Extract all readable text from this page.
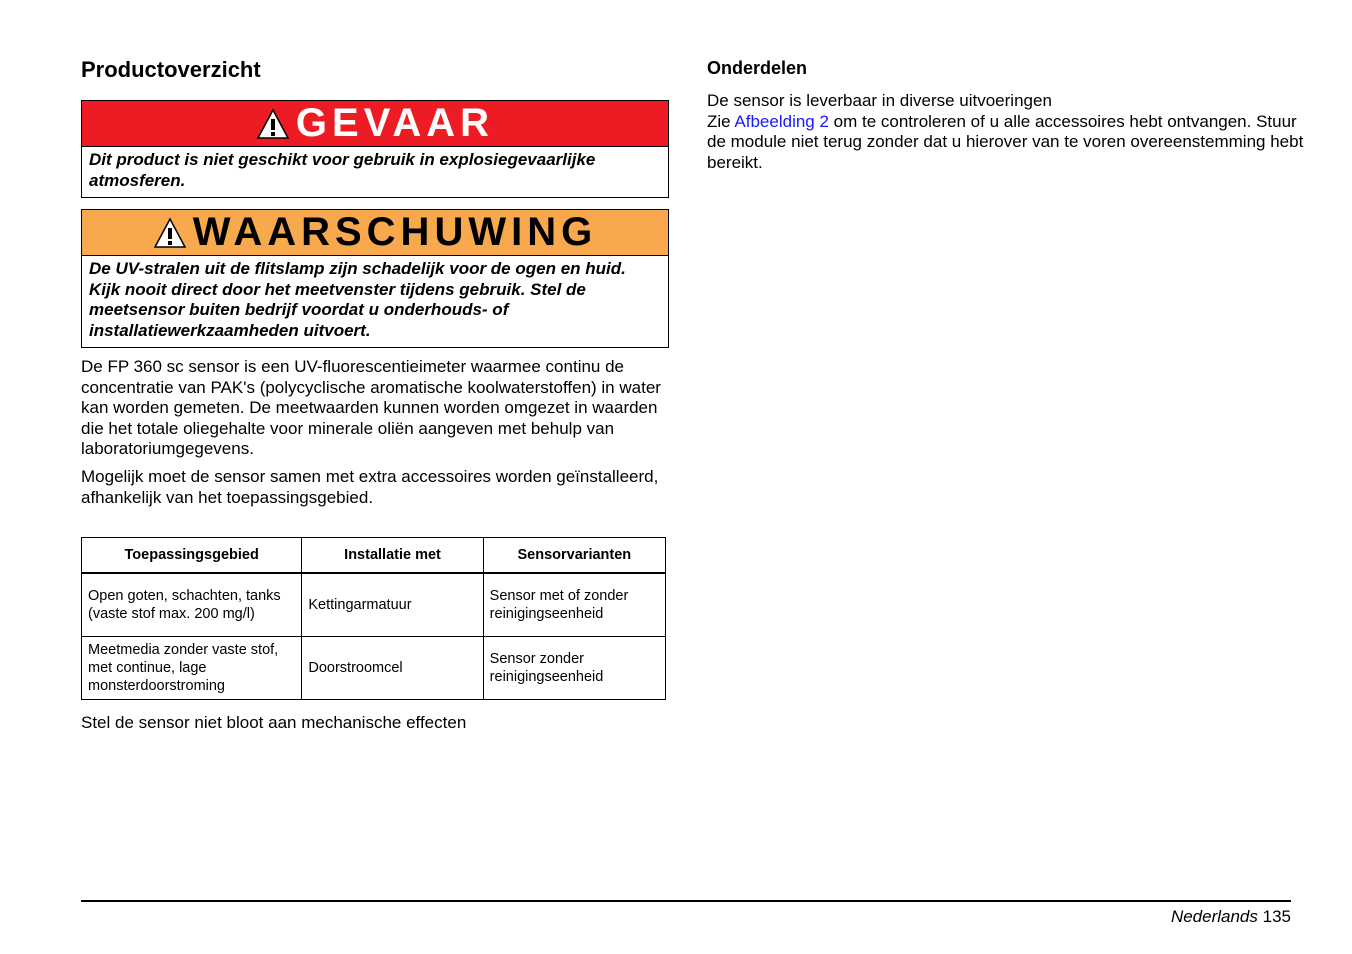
Productoverzicht
GEVAAR
Dit product is niet geschikt voor gebruik in explosiegevaarlijke atmosferen.
WAARSCHUWING
De UV-stralen uit de flitslamp zijn schadelijk voor de ogen en huid. Kijk nooit direct door het meetvenster tijdens gebruik. Stel de meetsensor buiten bedrijf voordat u onderhouds- of installatiewerkzaamheden uitvoert.

De FP 360 sc sensor is een UV-fluorescentieimeter waarmee continu de concentratie van PAK's (polycyclische aromatische koolwaterstoffen) in water kan worden gemeten. De meetwaarden kunnen worden omgezet in waarden die het totale oliegehalte voor minerale oliën aangeven met behulp van laboratoriumgegevens.

Mogelijk moet de sensor samen met extra accessoires worden geïnstalleerd, afhankelijk van het toepassingsgebied.

Toepassingsgebied	Installatie met	Sensorvarianten
Open goten, schachten, tanks (vaste stof max. 200 mg/l)	Kettingarmatuur	Sensor met of zonder reinigingseenheid
Meetmedia zonder vaste stof, met continue, lage monsterdoorstroming	Doorstroomcel	Sensor zonder reinigingseenheid

Stel de sensor niet bloot aan mechanische effecten

Onderdelen

De sensor is leverbaar in diverse uitvoeringen
Zie Afbeelding 2 om te controleren of u alle accessoires hebt ontvangen. Stuur de module niet terug zonder dat u hierover van te voren overeenstemming hebt bereikt.

Nederlands 135
